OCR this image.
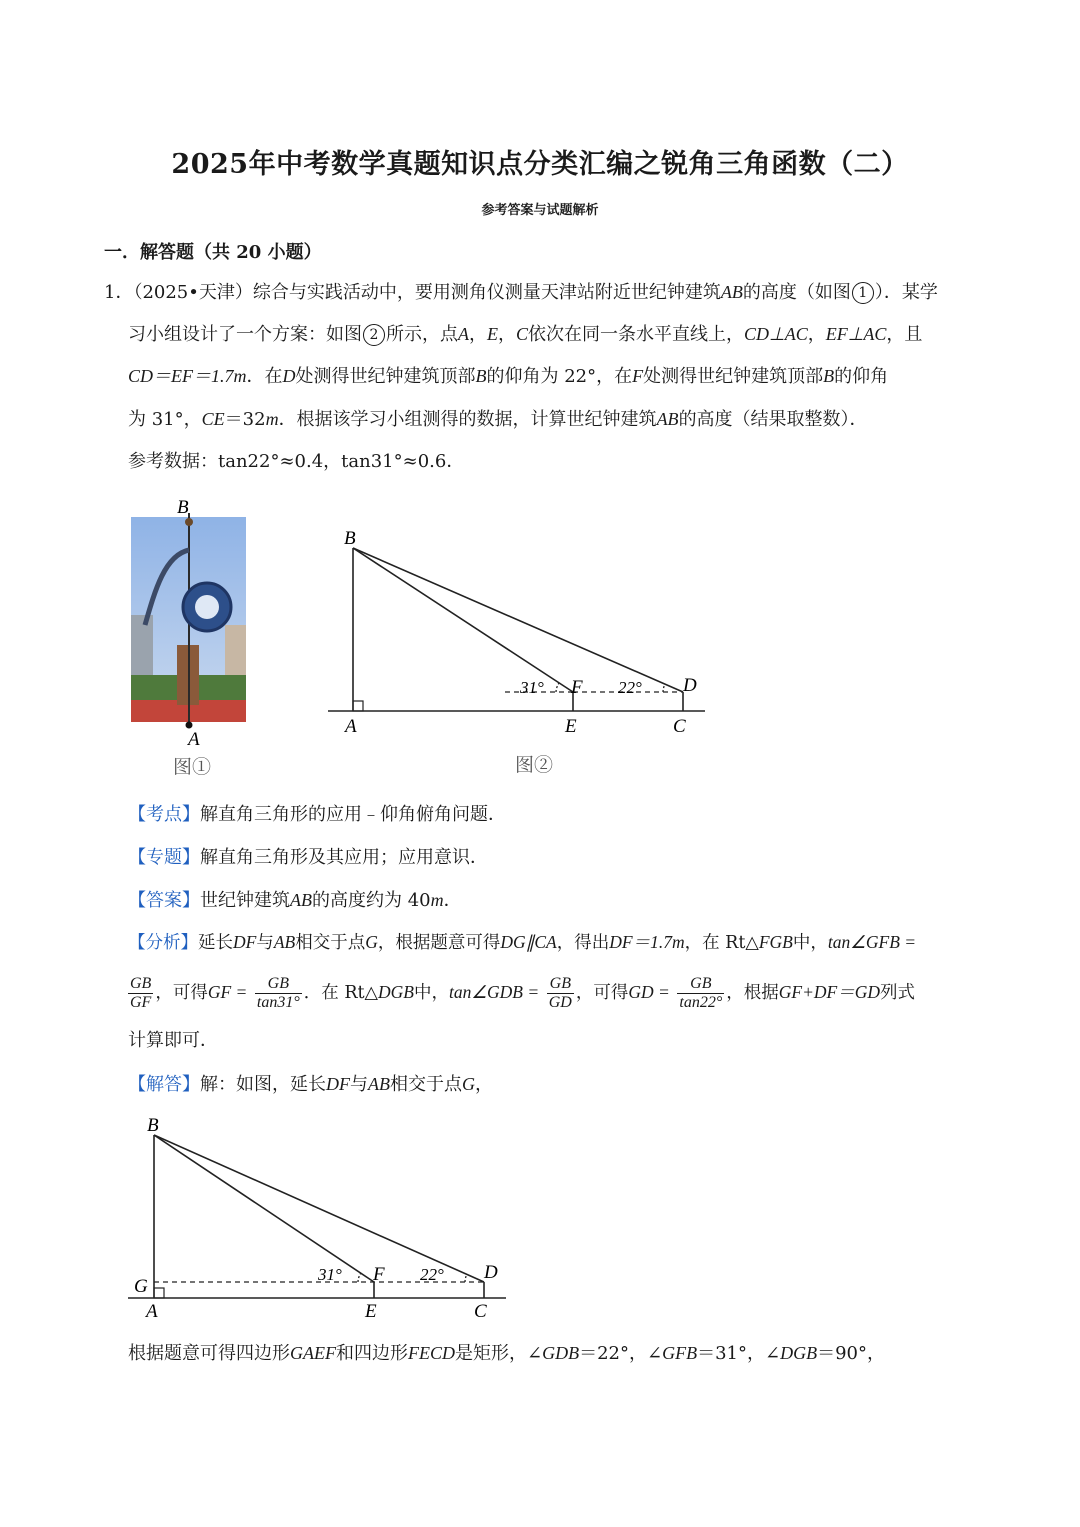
2025年中考数学真题知识点分类汇编之锐角三角函数（二）
参考答案与试题解析
一．解答题（共 20 小题）
1．（2025•天津）综合与实践活动中，要用测角仪测量天津站附近世纪钟建筑AB的高度（如图 1 ）．某学
习小组设计了一个方案：如图 2 所示，点A，E，C依次在同一条水平直线上，CD⊥AC，EF⊥AC，且
CD＝EF＝1.7m．在D处测得世纪钟建筑顶部B的仰角为 22°，在F处测得世纪钟建筑顶部B的仰角
为 31°，CE＝32m．根据该学习小组测得的数据，计算世纪钟建筑AB的高度（结果取整数）．
参考数据：tan22°≈0.4，tan31°≈0.6．
B
A
图①
B
A	E	C
F	D
31°	22°
图②
【考点】解直角三角形的应用﹣仰角俯角问题．
【专题】解直角三角形及其应用；应用意识．
【答案】世纪钟建筑AB的高度约为 40m．
【分析】延长DF与AB相交于点G，根据题意可得DG∥CA，得出DF＝1.7m，在 Rt△FGB中，tan∠GFB =
$\frac{GB}{GF}$ ，可得GF = $\frac{GB}{\tan 31^\circ}$ ．在 Rt△DGB中，tan∠GDB = $\frac{GB}{GD}$ ，可得GD = $\frac{GB}{\tan 22^\circ}$ ，根据GF+DF＝GD列式
计算即可．
【解答】解：如图，延长DF与AB相交于点G，
B
G
A	E	C
F	D
31°	22°
根据题意可得四边形GAEF和四边形FECD是矩形，∠GDB＝22°，∠GFB＝31°，∠DGB＝90°，
